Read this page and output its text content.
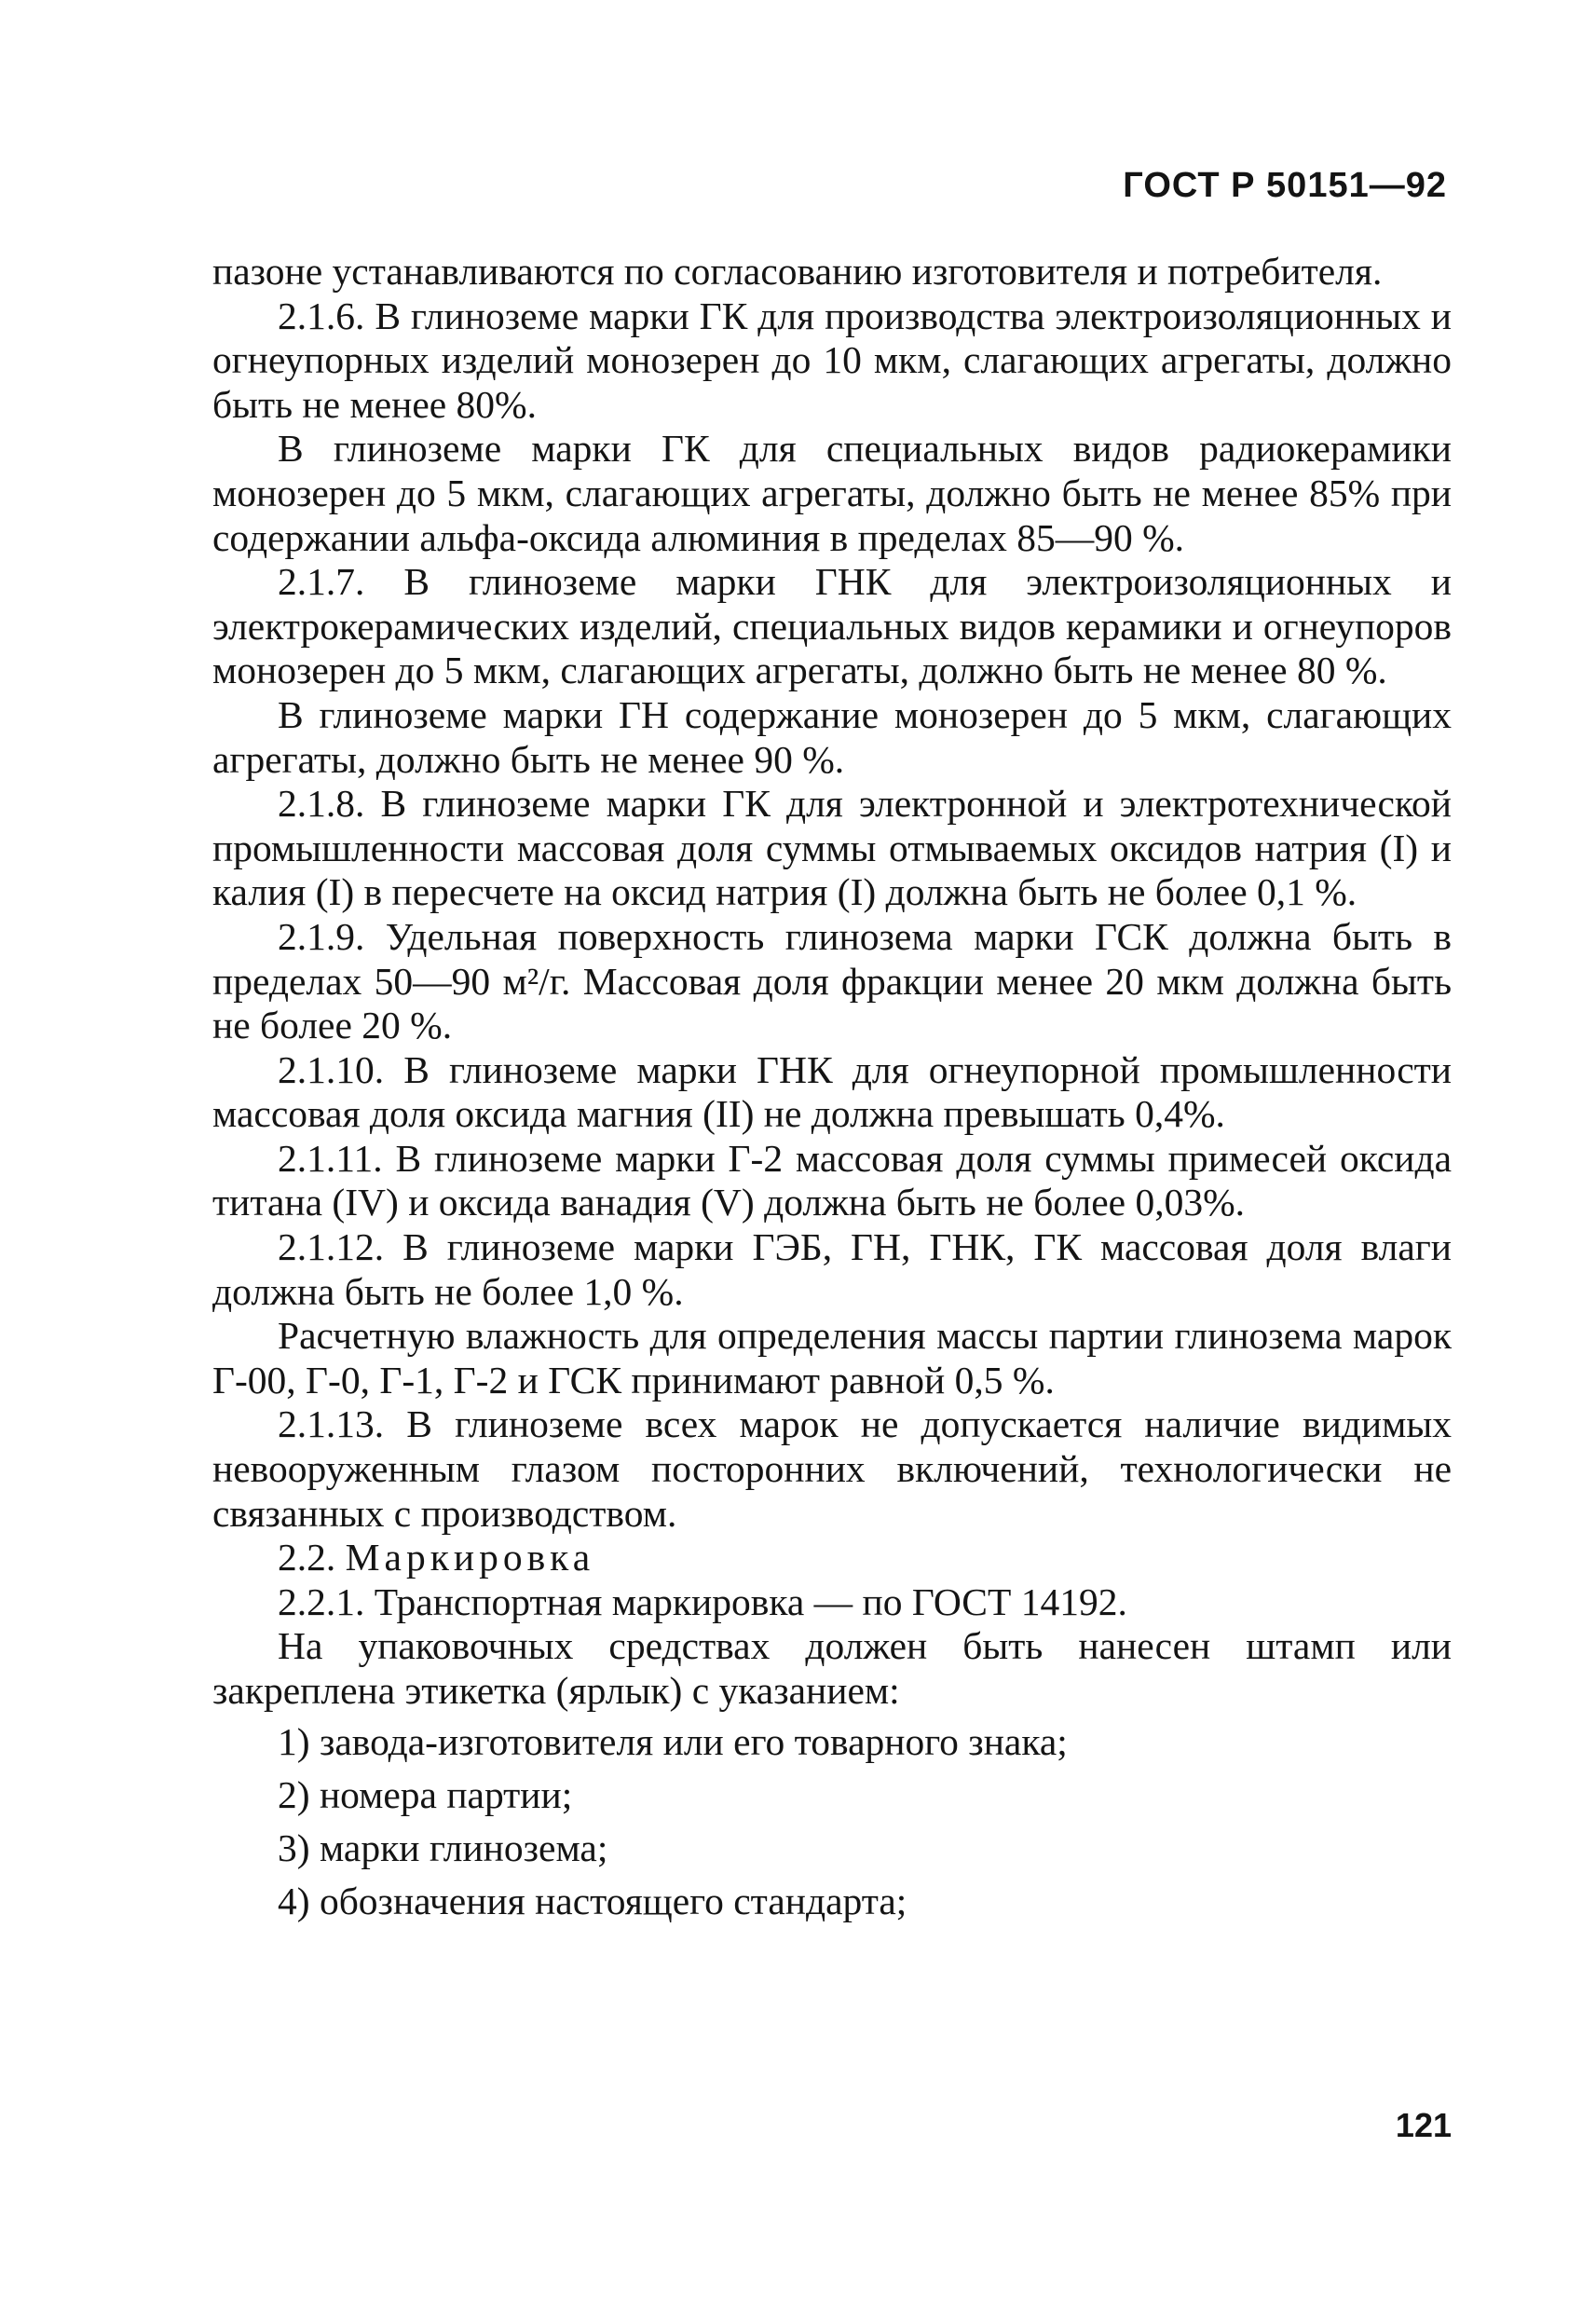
ГОСТ Р 50151—92

пазоне устанавливаются по согласованию изготовителя и потребителя.

2.1.6. В глиноземе марки ГК для производства электроизоляционных и огнеупорных изделий монозерен до 10 мкм, слагающих агрегаты, должно быть не менее 80%.

В глиноземе марки ГК для специальных видов радиокерамики монозерен до 5 мкм, слагающих агрегаты, должно быть не менее 85% при содержании альфа-оксида алюминия в пределах 85—90 %.

2.1.7. В глиноземе марки ГНК для электроизоляционных и электрокерамических изделий, специальных видов керамики и огнеупоров монозерен до 5 мкм, слагающих агрегаты, должно быть не менее 80 %.

В глиноземе марки ГН содержание монозерен до 5 мкм, слагающих агрегаты, должно быть не менее 90 %.

2.1.8. В глиноземе марки ГК для электронной и электротехнической промышленности массовая доля суммы отмываемых оксидов натрия (I) и калия (I) в пересчете на оксид натрия (I) должна быть не более 0,1 %.

2.1.9. Удельная поверхность глинозема марки ГСК должна быть в пределах 50—90 м²/г. Массовая доля фракции менее 20 мкм должна быть не более 20 %.

2.1.10. В глиноземе марки ГНК для огнеупорной промышленности массовая доля оксида магния (II) не должна превышать 0,4%.

2.1.11. В глиноземе марки Г-2 массовая доля суммы примесей оксида титана (IV) и оксида ванадия (V) должна быть не более 0,03%.

2.1.12. В глиноземе марки ГЭБ, ГН, ГНК, ГК массовая доля влаги должна быть не более 1,0 %.

Расчетную влажность для определения массы партии глинозема марок Г-00, Г-0, Г-1, Г-2 и ГСК принимают равной 0,5 %.

2.1.13. В глиноземе всех марок не допускается наличие видимых невооруженным глазом посторонних включений, технологически не связанных с производством.

2.2. Маркировка

2.2.1. Транспортная маркировка — по ГОСТ 14192.

На упаковочных средствах должен быть нанесен штамп или закреплена этикетка (ярлык) с указанием:

1) завода-изготовителя или его товарного знака;

2) номера партии;

3) марки глинозема;

4) обозначения настоящего стандарта;

121
